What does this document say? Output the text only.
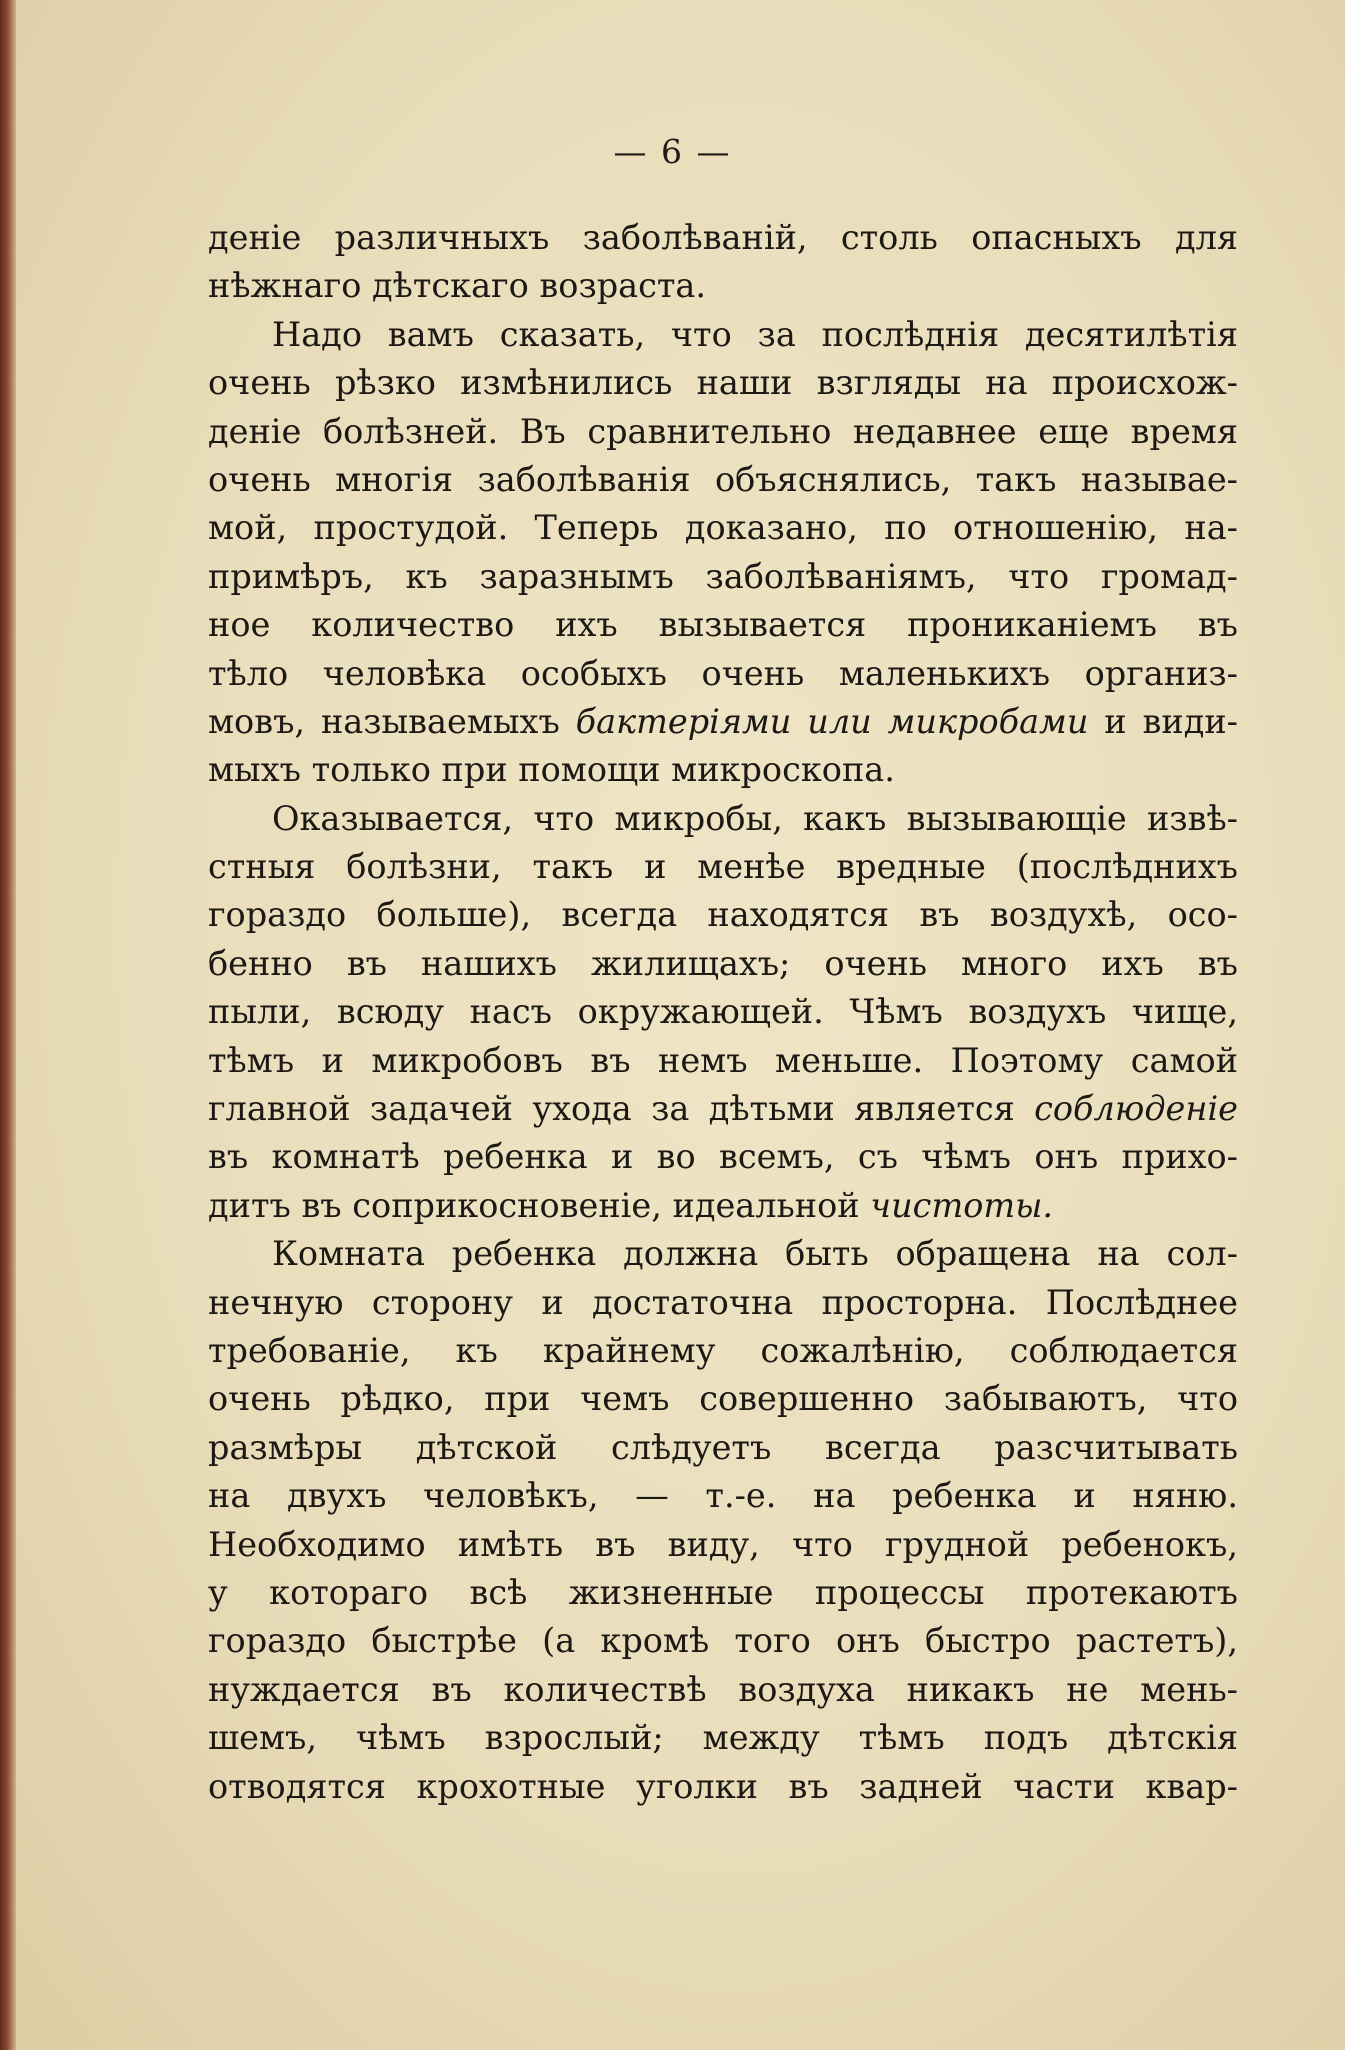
— 6 —
деніе различныхъ заболѣваній, столь опасныхъ для
нѣжнаго дѣтскаго возраста.
Надо вамъ сказать, что за послѣднія десятилѣтія
очень рѣзко измѣнились наши взгляды на происхож-
деніе болѣзней. Въ сравнительно недавнее еще время
очень многія заболѣванія объяснялись, такъ называе-
мой, простудой. Теперь доказано, по отношенію, на-
примѣръ, къ заразнымъ заболѣваніямъ, что громад-
ное количество ихъ вызывается прониканіемъ въ
тѣло человѣка особыхъ очень маленькихъ организ-
мовъ, называемыхъ бактеріями или микробами и види-
мыхъ только при помощи микроскопа.
Оказывается, что микробы, какъ вызывающіе извѣ-
стныя болѣзни, такъ и менѣе вредные (послѣднихъ
гораздо больше), всегда находятся въ воздухѣ, осо-
бенно въ нашихъ жилищахъ; очень много ихъ въ
пыли, всюду насъ окружающей. Чѣмъ воздухъ чище,
тѣмъ и микробовъ въ немъ меньше. Поэтому самой
главной задачей ухода за дѣтьми является соблюденіе
въ комнатѣ ребенка и во всемъ, съ чѣмъ онъ прихо-
дитъ въ соприкосновеніе, идеальной чистоты.
Комната ребенка должна быть обращена на сол-
нечную сторону и достаточна просторна. Послѣднее
требованіе, къ крайнему сожалѣнію, соблюдается
очень рѣдко, при чемъ совершенно забываютъ, что
размѣры дѣтской слѣдуетъ всегда разсчитывать
на двухъ человѣкъ, — т.-е. на ребенка и няню.
Необходимо имѣть въ виду, что грудной ребенокъ,
у котораго всѣ жизненные процессы протекаютъ
гораздо быстрѣе (а кромѣ того онъ быстро растетъ),
нуждается въ количествѣ воздуха никакъ не мень-
шемъ, чѣмъ взрослый; между тѣмъ подъ дѣтскія
отводятся крохотные уголки въ задней части квар-
